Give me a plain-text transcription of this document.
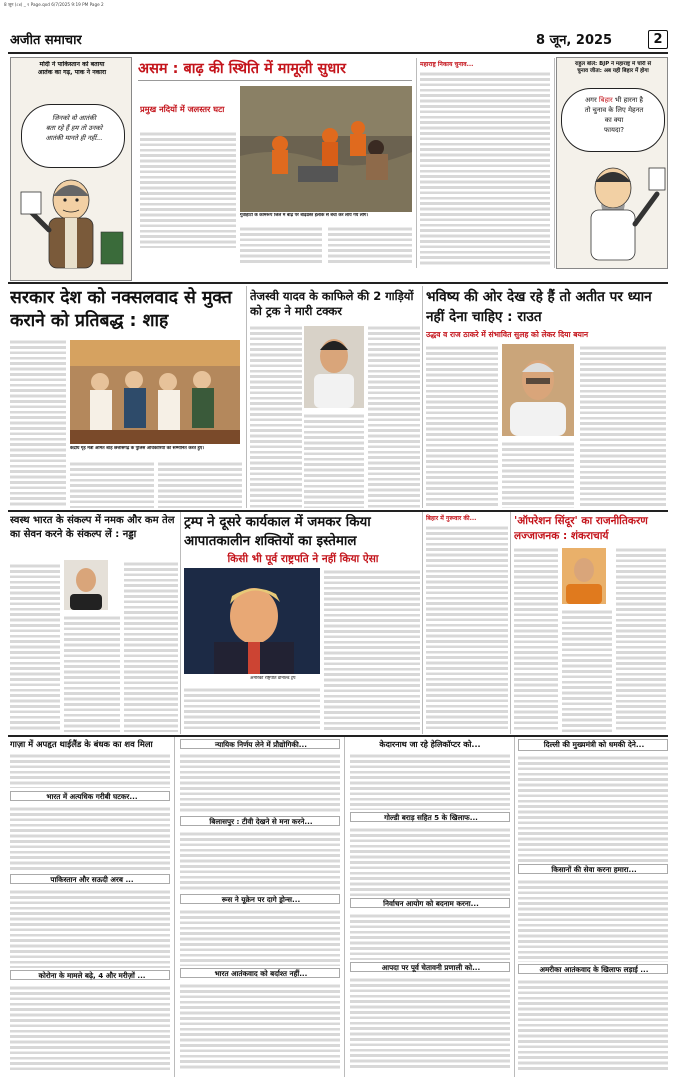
8 जून (८४) _ १ Page.qxd 6/7/2025 9:19 PM Page 2
अजीत समाचार	8 जून, 2025	2
मोदी ने पाकिस्तान को बताया
आतंक का गढ़, पाक ने नकारा
जिनको वो आतंकी
बता रहे हैं हम तो उनको
आतंकी मानते ही नहीं...
असम : बाढ़ की स्थिति में मामूली सुधार
प्रमुख नदियों में जलस्तर घटा
गुवाहाटी के कामरूप जिले में बाढ़ पर बाढ़ग्रस्त इलाके से बचा कर लाये गये लोग।
महाराष्ट्र निकाय चुनाव...	राहुल बोले: BJP ने महाराष्ट्र में चोरी से
चुनाव जीता: अब यही बिहार में होगा
अगर बिहार भी हारना है
तो चुनाव के लिए मेहनत
का क्या
फायदा?
सरकार देश को नक्सलवाद से मुक्त कराने को प्रतिबद्ध : शाह
केंद्रीय गृह मंत्री अमित शाह छत्तीसगढ़ के पुलिस अधिकारियों को सम्मानित करते हुए।
तेजस्वी यादव के काफिले की 2 गाड़ियों को ट्रक ने मारी टक्कर
भविष्य की ओर देख रहे हैं तो अतीत पर ध्यान नहीं देना चाहिए : राउत
उद्धव व राज ठाकरे में संभावित सुलह को लेकर दिया बयान
स्वस्थ भारत के संकल्प में नमक और कम तेल का सेवन करने के संकल्प लें : नड्डा
ट्रम्प ने दूसरे कार्यकाल में जमकर किया आपातकालीन शक्तियों का इस्तेमाल
किसी भी पूर्व राष्ट्रपति ने नहीं किया ऐसा
अमेरिकी राष्ट्रपति डोनाल्ड ट्रंप
बिहार में गुरूवार की...	'ऑपरेशन सिंदूर' का राजनीतिकरण लज्जाजनक : शंकराचार्य
गाज़ा में अपहृत थाईलैंड के बंधक का शव मिला
भारत में अत्यधिक गरीबी घटकर...
पाकिस्तान और सऊदी अरब ...
कोरोना के मामले बढ़े, 4 और मरीज़ों ...
न्यायिक निर्णय लेने में प्रौद्योगिकी...
बिलासपुर : टीवी देखने से मना करने...
रूस ने यूक्रेन पर दागे ड्रोन्स...
भारत आतंकवाद को बर्दाश्त नहीं...
केदारनाथ जा रहे हेलिकॉप्टर को...
गोल्डी बराड़ सहित 5 के खिलाफ...
निर्वाचन आयोग को बदनाम करना...
आपदा पर पूर्व चेतावनी प्रणाली को...
दिल्ली की मुख्यमंत्री को धमकी देने...
किसानों की सेवा करना हमारा...
अमरीका आतंकवाद के खिलाफ लड़ाई ...
